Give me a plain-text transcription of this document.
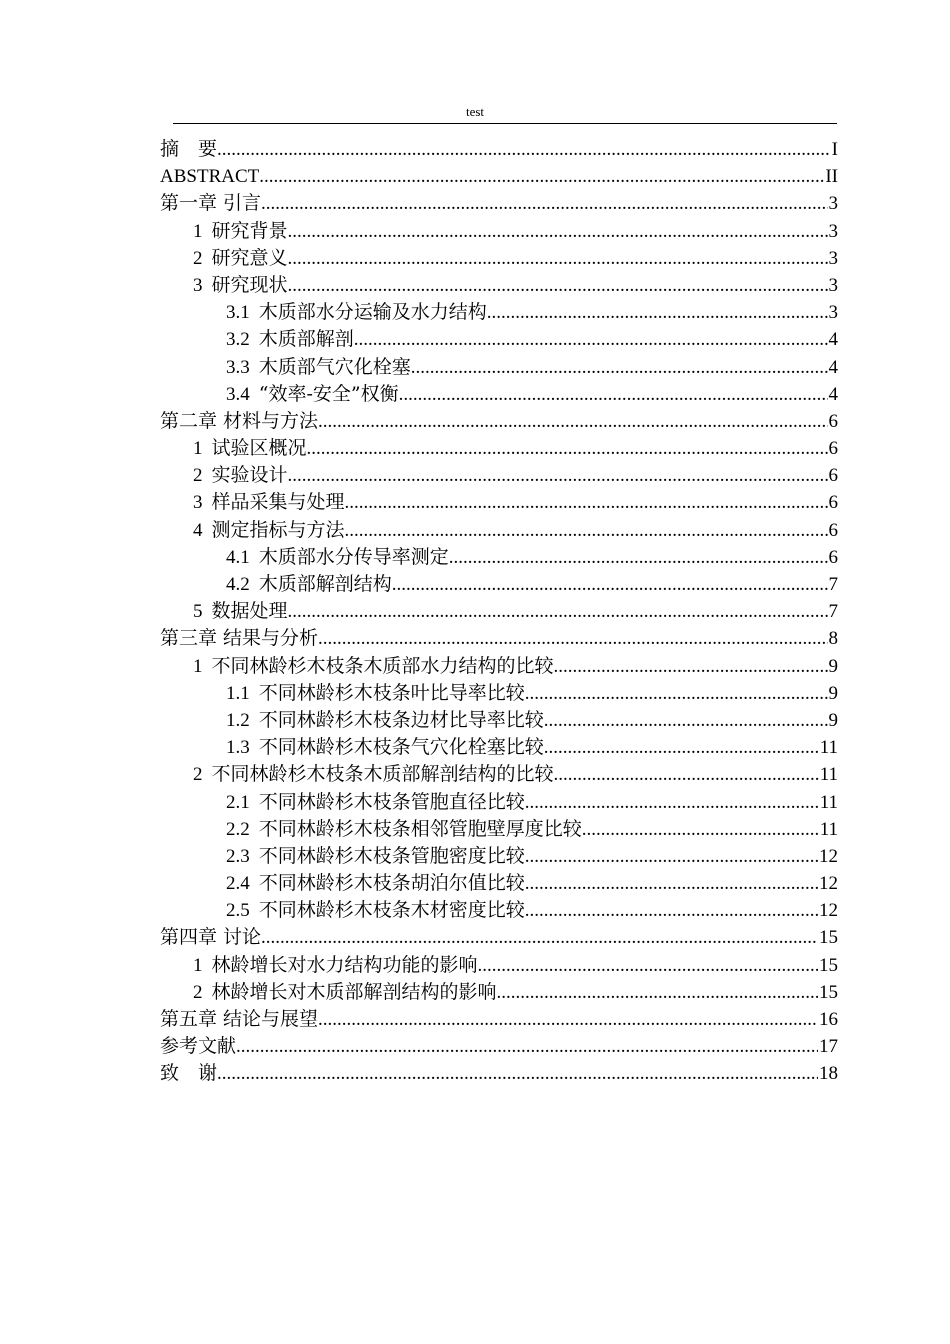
test
摘　要 .....	I
ABSTRACT .....	II
第一章 引言 .....	3
1 研究背景 .....	3
2 研究意义 .....	3
3 研究现状 .....	3
3.1 木质部水分运输及水力结构 .....	3
3.2 木质部解剖 .....	4
3.3 木质部气穴化栓塞 .....	4
3.4 “效率-安全”权衡 .....	4
第二章 材料与方法 .....	6
1 试验区概况 .....	6
2 实验设计 .....	6
3 样品采集与处理 .....	6
4 测定指标与方法 .....	6
4.1 木质部水分传导率测定 .....	6
4.2 木质部解剖结构 .....	7
5 数据处理 .....	7
第三章 结果与分析 .....	8
1 不同林龄杉木枝条木质部水力结构的比较 .....	9
1.1 不同林龄杉木枝条叶比导率比较 .....	9
1.2 不同林龄杉木枝条边材比导率比较 .....	9
1.3 不同林龄杉木枝条气穴化栓塞比较 .....	11
2 不同林龄杉木枝条木质部解剖结构的比较 .....	11
2.1 不同林龄杉木枝条管胞直径比较 .....	11
2.2 不同林龄杉木枝条相邻管胞壁厚度比较 .....	11
2.3 不同林龄杉木枝条管胞密度比较 .....	12
2.4 不同林龄杉木枝条胡泊尔值比较 .....	12
2.5 不同林龄杉木枝条木材密度比较 .....	12
第四章 讨论 .....	15
1 林龄增长对水力结构功能的影响 .....	15
2 林龄增长对木质部解剖结构的影响 .....	15
第五章 结论与展望 .....	16
参考文献 .....	17
致　谢 .....	18
